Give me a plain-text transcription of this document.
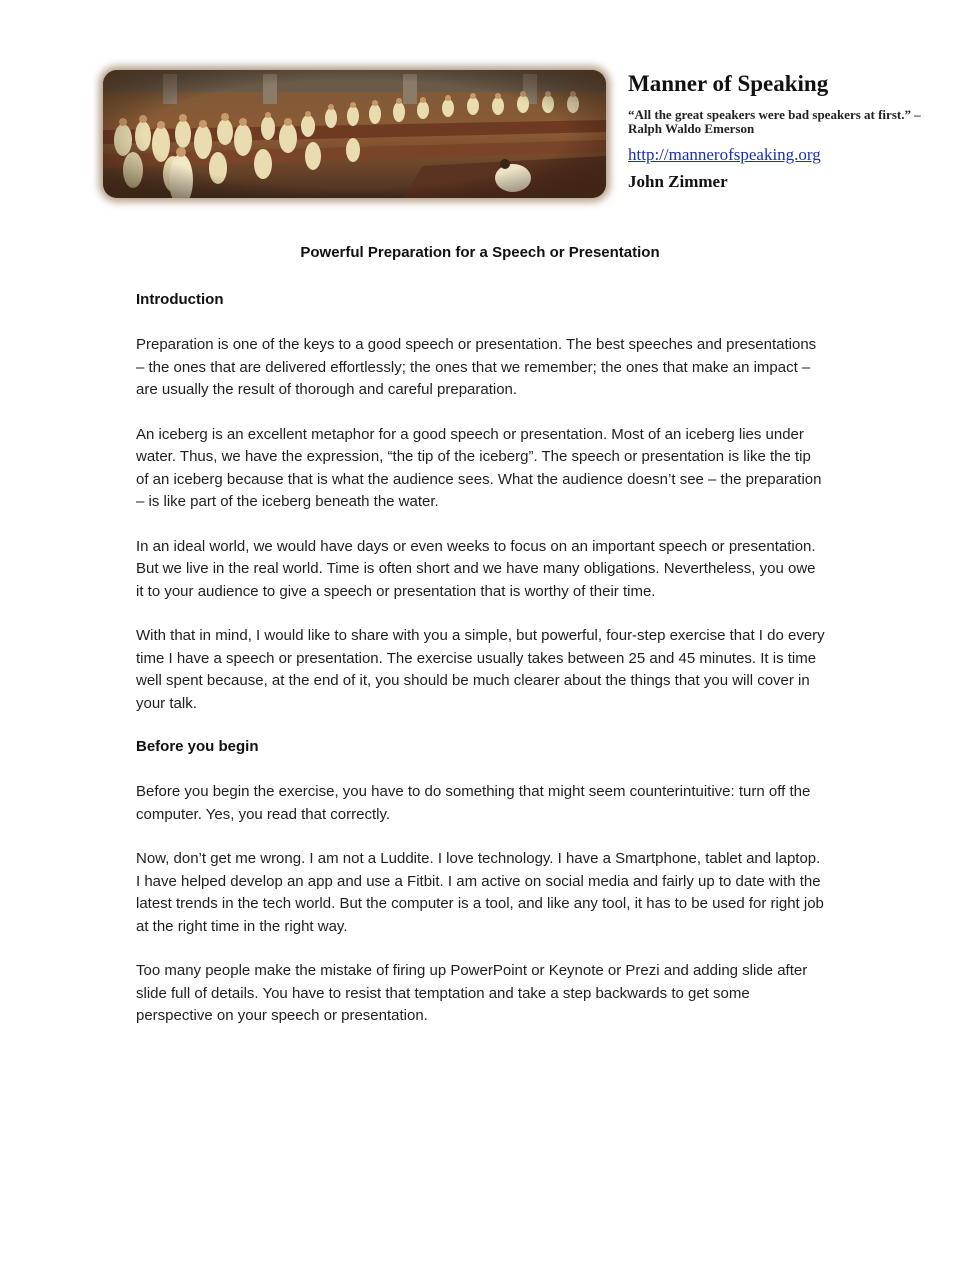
Manner of Speaking
“All the great speakers were bad speakers at first.” – Ralph Waldo Emerson
http://mannerofspeaking.org
John Zimmer
Powerful Preparation for a Speech or Presentation
Introduction

Preparation is one of the keys to a good speech or presentation. The best speeches and presentations – the ones that are delivered effortlessly; the ones that we remember; the ones that make an impact – are usually the result of thorough and careful preparation.

An iceberg is an excellent metaphor for a good speech or presentation. Most of an iceberg lies under water. Thus, we have the expression, “the tip of the iceberg”. The speech or presentation is like the tip of an iceberg because that is what the audience sees. What the audience doesn’t see – the preparation – is like part of the iceberg beneath the water.

In an ideal world, we would have days or even weeks to focus on an important speech or presentation. But we live in the real world. Time is often short and we have many obligations. Nevertheless, you owe it to your audience to give a speech or presentation that is worthy of their time.

With that in mind, I would like to share with you a simple, but powerful, four-step exercise that I do every time I have a speech or presentation. The exercise usually takes between 25 and 45 minutes. It is time well spent because, at the end of it, you should be much clearer about the things that you will cover in your talk.

Before you begin

Before you begin the exercise, you have to do something that might seem counterintuitive: turn off the computer. Yes, you read that correctly.

Now, don’t get me wrong. I am not a Luddite. I love technology. I have a Smartphone, tablet and laptop. I have helped develop an app and use a Fitbit. I am active on social media and fairly up to date with the latest trends in the tech world. But the computer is a tool, and like any tool, it has to be used for right job at the right time in the right way.

Too many people make the mistake of firing up PowerPoint or Keynote or Prezi and adding slide after slide full of details. You have to resist that temptation and take a step backwards to get some perspective on your speech or presentation.
